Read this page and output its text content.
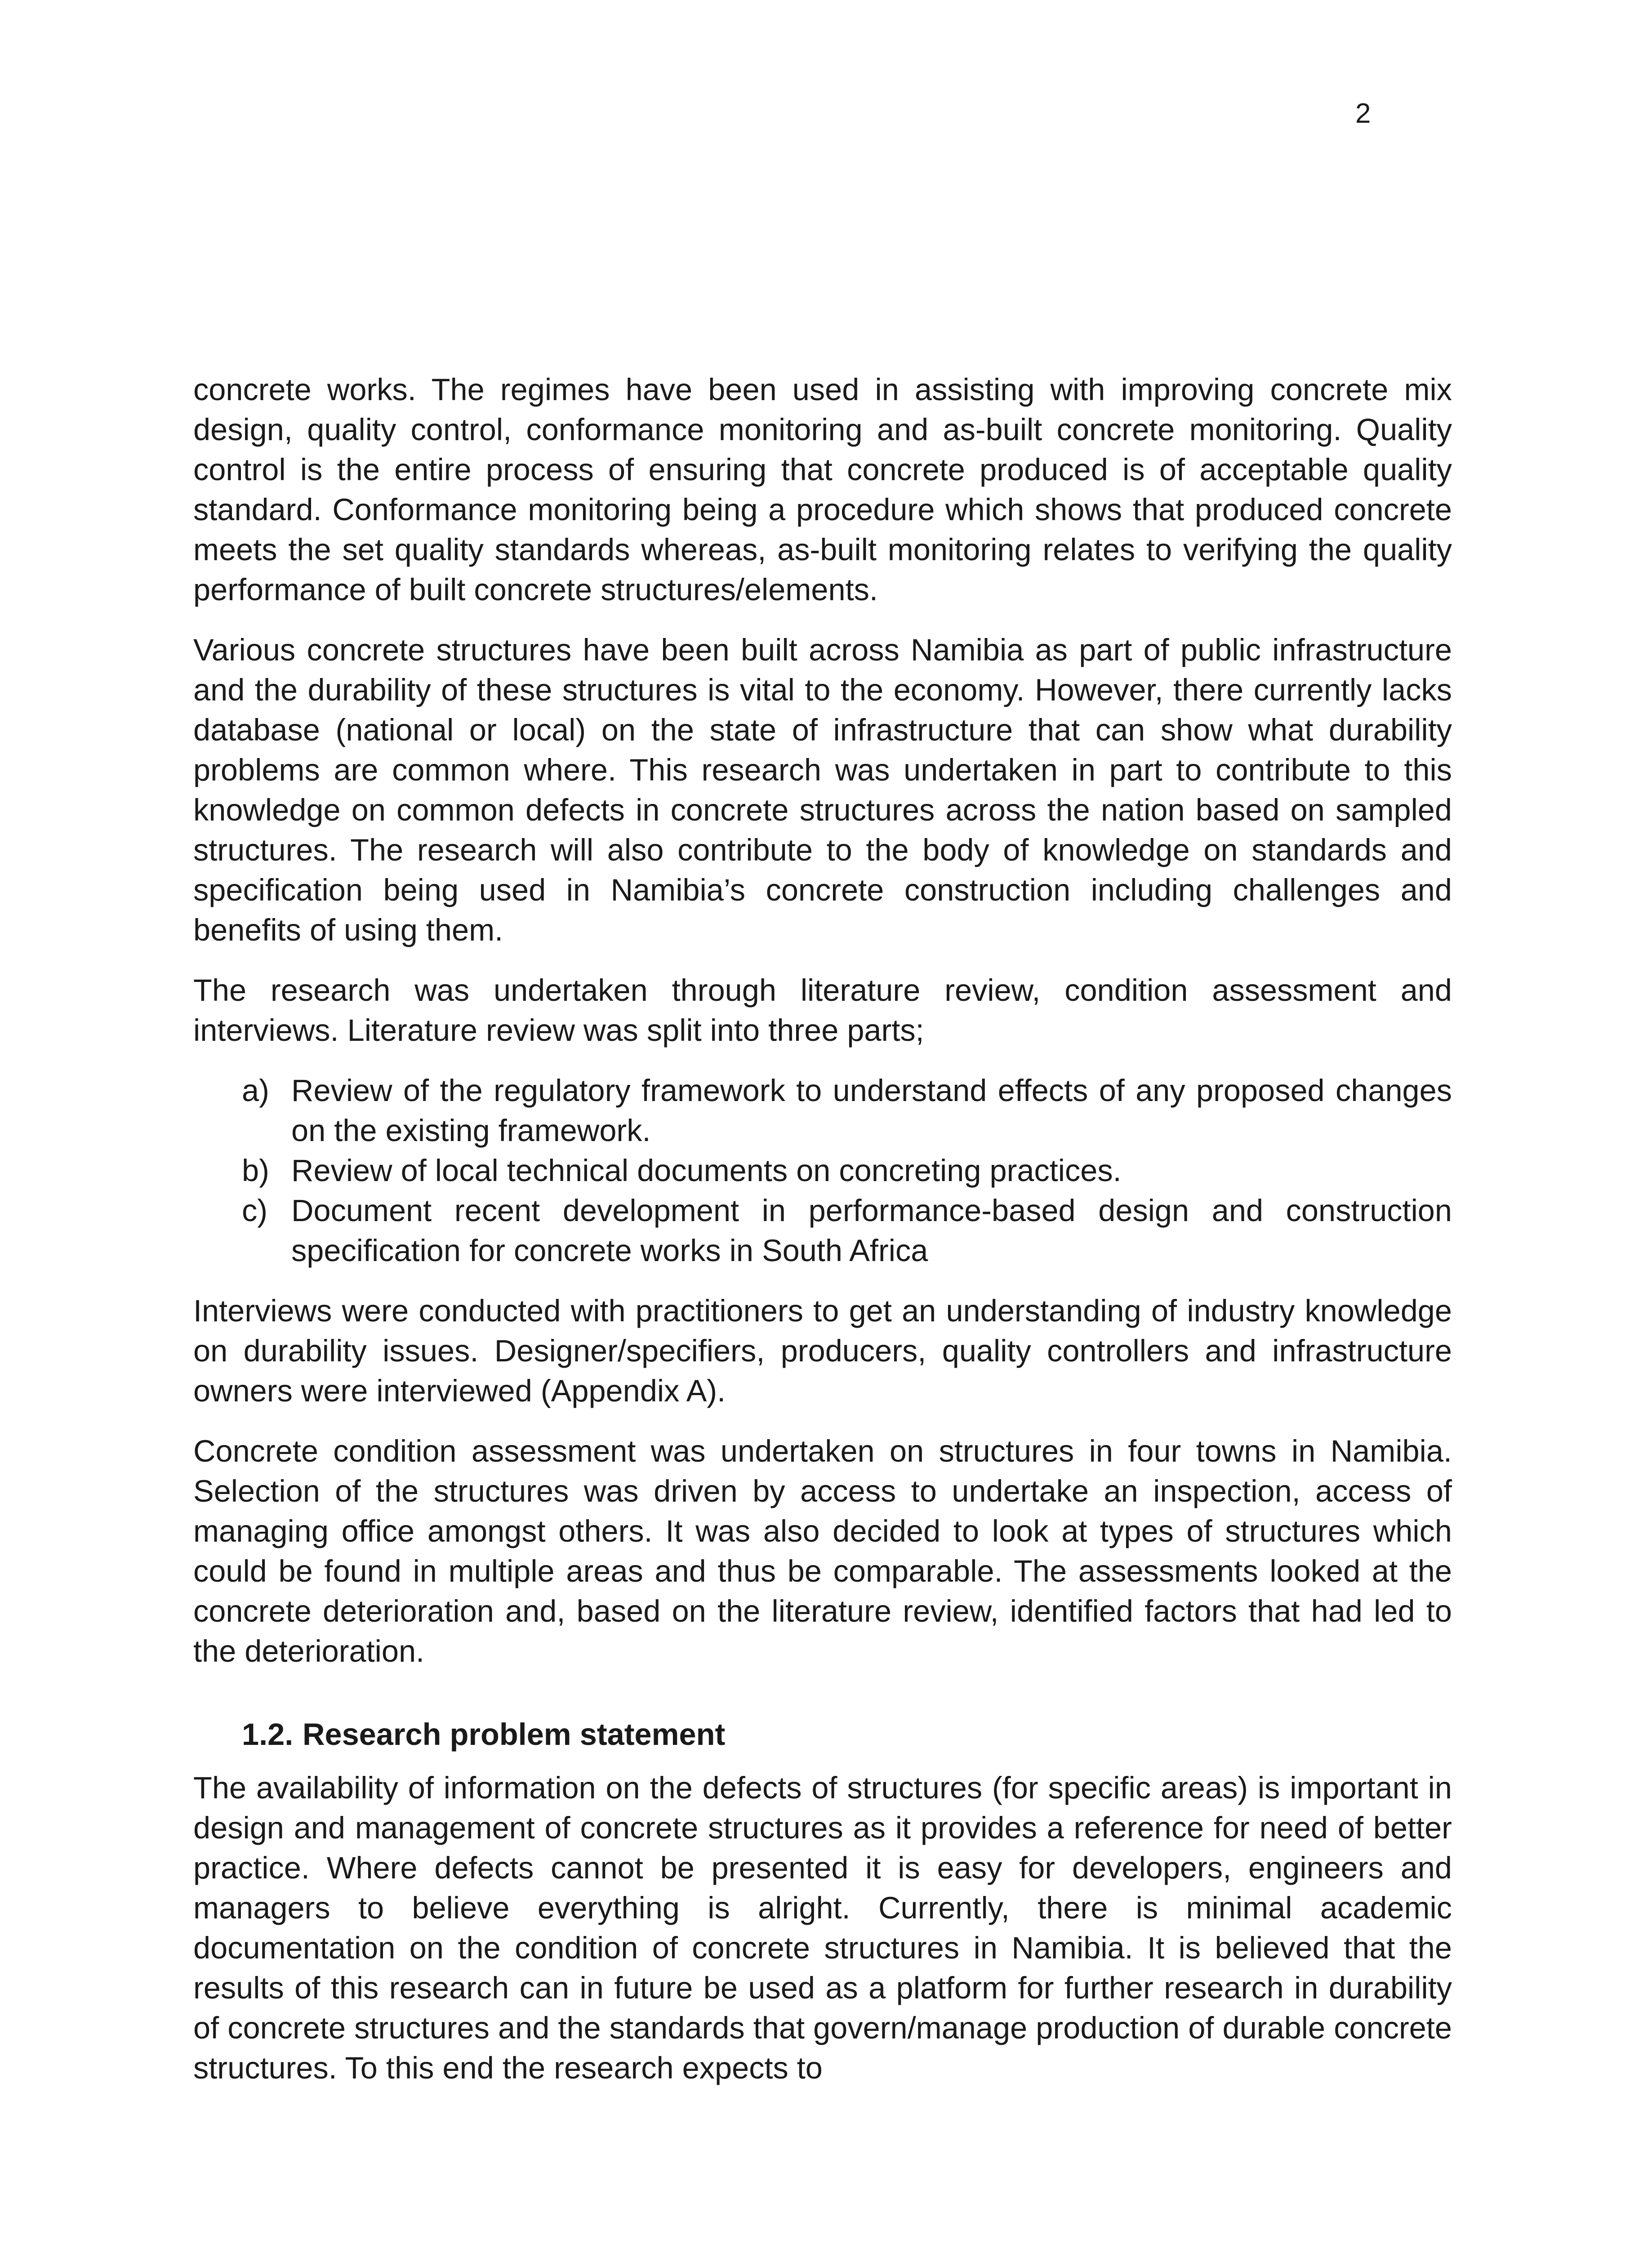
2

concrete works. The regimes have been used in assisting with improving concrete mix design, quality control, conformance monitoring and as-built concrete monitoring. Quality control is the entire process of ensuring that concrete produced is of acceptable quality standard. Conformance monitoring being a procedure which shows that produced concrete meets the set quality standards whereas, as-built monitoring relates to verifying the quality performance of built concrete structures/elements.

Various concrete structures have been built across Namibia as part of public infrastructure and the durability of these structures is vital to the economy. However, there currently lacks database (national or local) on the state of infrastructure that can show what durability problems are common where. This research was undertaken in part to contribute to this knowledge on common defects in concrete structures across the nation based on sampled structures. The research will also contribute to the body of knowledge on standards and specification being used in Namibia’s concrete construction including challenges and benefits of using them.

The research was undertaken through literature review, condition assessment and interviews. Literature review was split into three parts;

a) Review of the regulatory framework to understand effects of any proposed changes on the existing framework.
b) Review of local technical documents on concreting practices.
c) Document recent development in performance-based design and construction specification for concrete works in South Africa

Interviews were conducted with practitioners to get an understanding of industry knowledge on durability issues. Designer/specifiers, producers, quality controllers and infrastructure owners were interviewed (Appendix A).

Concrete condition assessment was undertaken on structures in four towns in Namibia. Selection of the structures was driven by access to undertake an inspection, access of managing office amongst others. It was also decided to look at types of structures which could be found in multiple areas and thus be comparable. The assessments looked at the concrete deterioration and, based on the literature review, identified factors that had led to the deterioration.

1.2. Research problem statement

The availability of information on the defects of structures (for specific areas) is important in design and management of concrete structures as it provides a reference for need of better practice. Where defects cannot be presented it is easy for developers, engineers and managers to believe everything is alright. Currently, there is minimal academic documentation on the condition of concrete structures in Namibia. It is believed that the results of this research can in future be used as a platform for further research in durability of concrete structures and the standards that govern/manage production of durable concrete structures. To this end the research expects to
